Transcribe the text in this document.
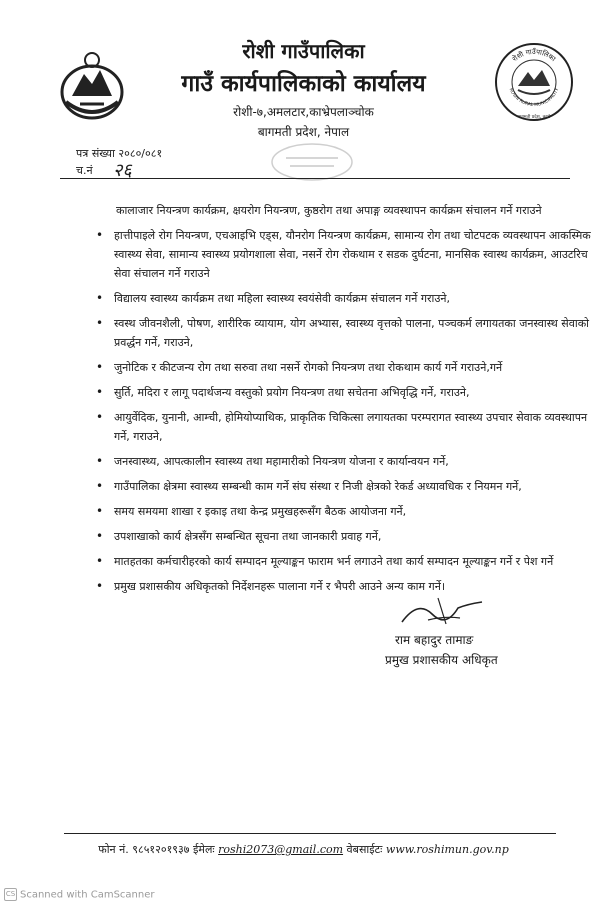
रोशी गाउँपालिका
ROSHI RURAL MUNICIPALITY
बागमती प्रदेश, काभ्रे
रोशी गाउँपालिका
गाउँ कार्यपालिकाको कार्यालय
रोशी-७,अमलटार,काभ्रेपलाञ्चोक
बागमती प्रदेश, नेपाल
पत्र संख्या २०८०/०८१
च.नं २६
कालाजार नियन्त्रण कार्यक्रम, क्षयरोग नियन्त्रण, कुष्ठरोग तथा अपाङ्ग व्यवस्थापन कार्यक्रम संचालन गर्ने गराउने
• हात्तीपाइले रोग नियन्त्रण, एचआइभि एड्स, यौनरोग नियन्त्रण कार्यक्रम, सामान्य रोग तथा चोटपटक व्यवस्थापन आकस्मिक स्वास्थ्य सेवा, सामान्य स्वास्थ्य प्रयोगशाला सेवा, नसर्ने रोग रोकथाम र सडक दुर्घटना, मानसिक स्वास्थ कार्यक्रम, आउटरिच सेवा संचालन गर्ने गराउने
• विद्यालय स्वास्थ्य कार्यक्रम तथा महिला स्वास्थ्य स्वयंसेवी कार्यक्रम संचालन गर्ने गराउने,
• स्वस्थ जीवनशैली, पोषण, शारीरिक व्यायाम, योग अभ्यास, स्वास्थ्य वृत्तको पालना, पञ्चकर्म लगायतका जनस्वास्थ सेवाको प्रवर्द्धन गर्ने, गराउने,
• जुनोटिक र कीटजन्य रोग तथा सरुवा तथा नसर्ने रोगको नियन्त्रण तथा रोकथाम कार्य गर्ने गराउने,गर्ने
• सुर्ति, मदिरा र लागू पदार्थजन्य वस्तुको प्रयोग नियन्त्रण तथा सचेतना अभिवृद्धि गर्ने, गराउने,
• आयुर्वेदिक, युनानी, आम्ची, होमियोप्याथिक, प्राकृतिक चिकित्सा लगायतका परम्परागत स्वास्थ्य उपचार सेवाक व्यवस्थापन गर्ने, गराउने,
• जनस्वास्थ्य, आपत्कालीन स्वास्थ्य तथा महामारीको नियन्त्रण योजना र कार्यान्वयन गर्ने,
• गाउँपालिका क्षेत्रमा स्वास्थ्य सम्बन्धी काम गर्ने संघ संस्था र निजी क्षेत्रको रेकर्ड अध्यावधिक र नियमन गर्ने,
• समय समयमा शाखा र इकाइ तथा केन्द्र प्रमुखहरूसँग बैठक आयोजना गर्ने,
• उपशाखाको कार्य क्षेत्रसँग सम्बन्धित सूचना तथा जानकारी प्रवाह गर्ने,
• मातहतका कर्मचारीहरको कार्य सम्पादन मूल्याङ्कन फाराम भर्न लगाउने तथा कार्य सम्पादन मूल्याङ्कन गर्ने र पेश गर्ने
• प्रमुख प्रशासकीय अधिकृतको निर्देशनहरू पालाना गर्ने र भैपरी आउने अन्य काम गर्ने।
राम बहादुर तामाङ
प्रमुख प्रशासकीय अधिकृत
फोन नं. ९८५१२०१९३७ ईमेलः roshi2073@gmail.com वेबसाईटः www.roshimun.gov.np
CS Scanned with CamScanner
